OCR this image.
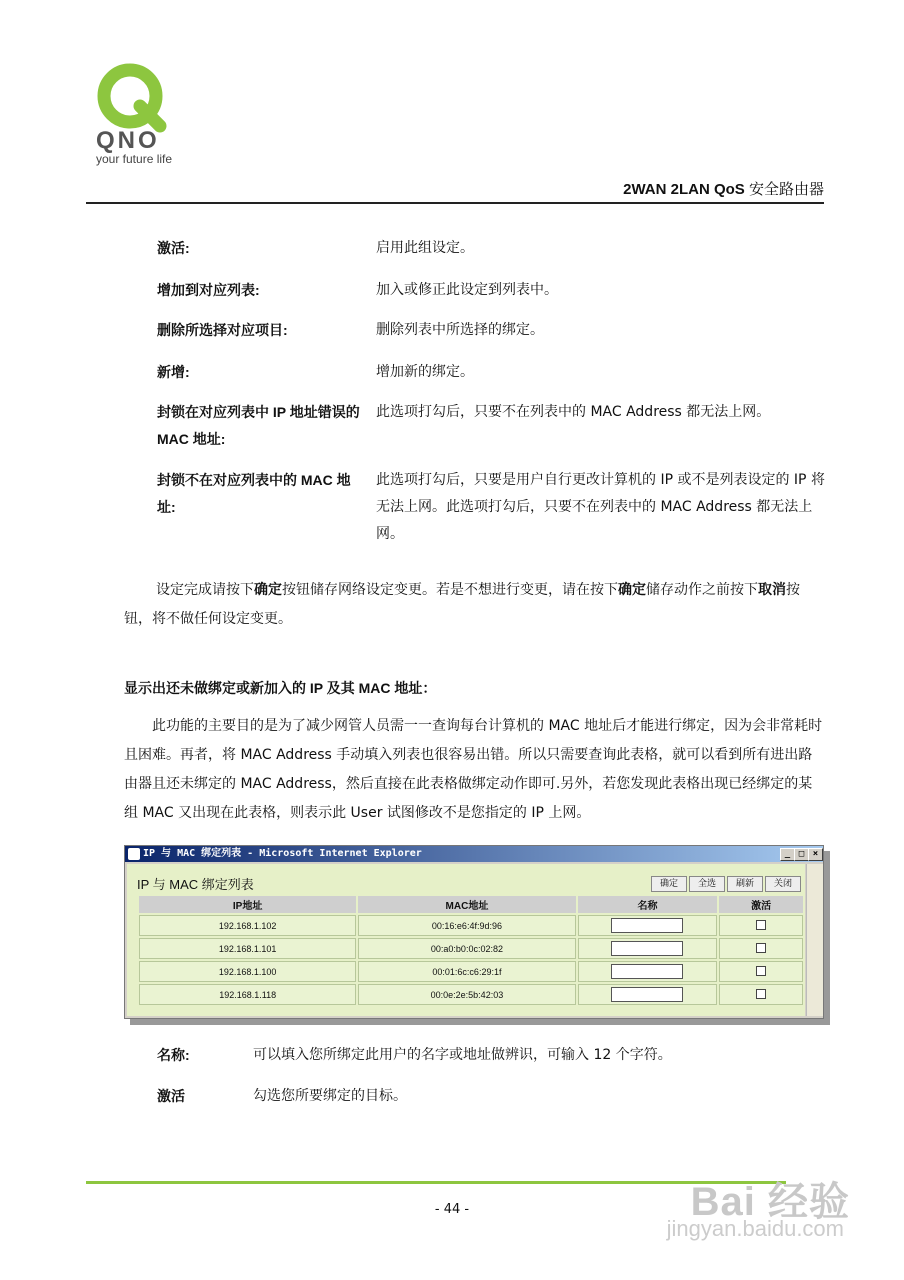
QNO
your future life
2WAN 2LAN QoS 安全路由器
激活:	启用此组设定。
增加到对应列表:	加入或修正此设定到列表中。
删除所选择对应项目:	删除列表中所选择的绑定。
新增:	增加新的绑定。
封锁在对应列表中 IP 地址错误的 MAC 地址:
此选项打勾后，只要不在列表中的 MAC Address 都无法上网。
封锁不在对应列表中的 MAC 地址:
此选项打勾后，只要是用户自行更改计算机的 IP 或不是列表设定的 IP 将无法上网。此选项打勾后，只要不在列表中的 MAC Address 都无法上网。
设定完成请按下确定按钮储存网络设定变更。若是不想进行变更，请在按下确定储存动作之前按下取消按钮，将不做任何设定变更。
显示出还未做绑定或新加入的 IP 及其 MAC 地址：
此功能的主要目的是为了减少网管人员需一一查询每台计算机的 MAC 地址后才能进行绑定，因为会非常耗时且困难。再者，将 MAC Address 手动填入列表也很容易出错。所以只需要查询此表格，就可以看到所有进出路由器且还未绑定的 MAC Address，然后直接在此表格做绑定动作即可.另外，若您发现此表格出现已经绑定的某组 MAC 又出现在此表格，则表示此 User 试图修改不是您指定的 IP 上网。
IP 与 MAC 绑定列表 - Microsoft Internet Explorer	_ □ ×
IP 与 MAC 绑定列表	确定	全选	刷新	关闭
IP地址	MAC地址	名称	激活
192.168.1.102	00:16:e6:4f:9d:96		
192.168.1.101	00:a0:b0:0c:02:82		
192.168.1.100	00:01:6c:c6:29:1f		
192.168.1.118	00:0e:2e:5b:42:03		
名称:	可以填入您所绑定此用户的名字或地址做辨识，可输入 12 个字符。
激活	勾选您所要绑定的目标。
- 44 -	Bai 经验
jingyan.baidu.com
